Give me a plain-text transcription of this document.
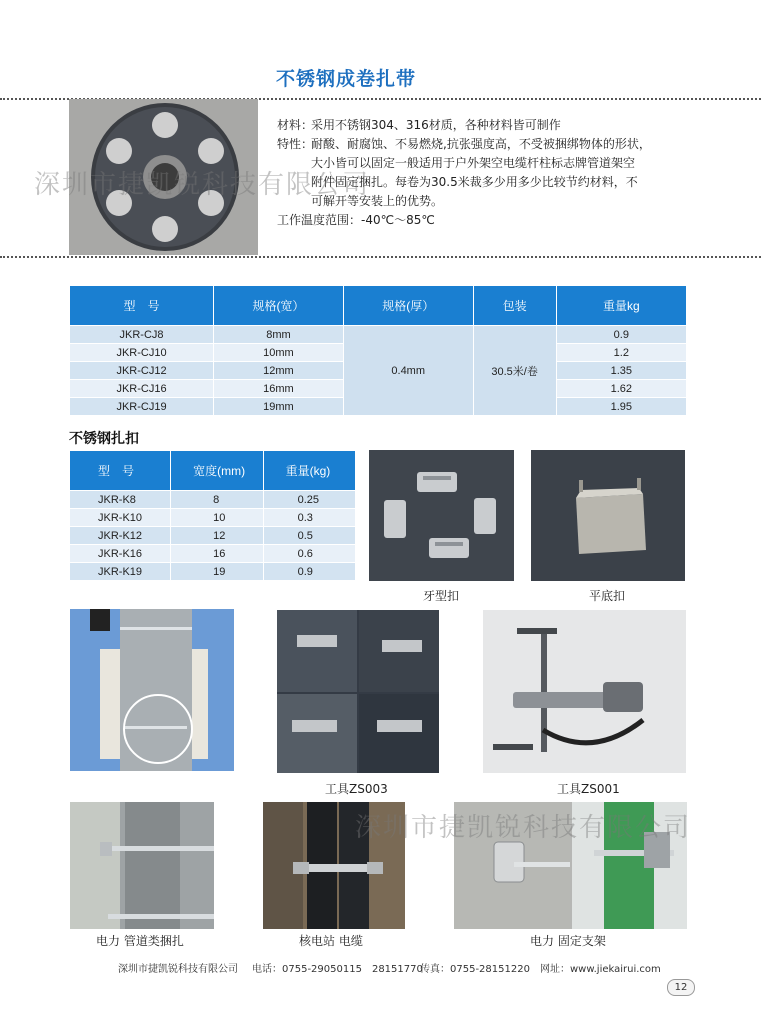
不锈钢成卷扎带
材料：
采用不锈钢304、316材质，各种材料皆可制作
特性：
耐酸、耐腐蚀、不易燃烧,抗张强度高，不受被捆绑物体的形状，
大小皆可以固定一般适用于户外架空电缆杆柱标志牌管道架空
附件固定捆扎。每卷为30.5米裁多少用多少比较节约材料，不
可解开等安装上的优势。
工作温度范围：-40℃～85℃
深圳市捷凯锐科技有限公司
型　号	规格(宽）	规格(厚）	包装	重量kg
JKR-CJ8	8mm	0.4mm	30.5米/卷	0.9
JKR-CJ10	10mm			1.2
JKR-CJ12	12mm			1.35
JKR-CJ16	16mm			1.62
JKR-CJ19	19mm			1.95
不锈钢扎扣
型　号	宽度(mm)	重量(kg)
JKR-K8	8	0.25
JKR-K10	10	0.3
JKR-K12	12	0.5
JKR-K16	16	0.6
JKR-K19	19	0.9
牙型扣	平底扣
工具ZS003	工具ZS001
电力 管道类捆扎	核电站 电缆	电力 固定支架
深圳市捷凯锐科技有限公司
深圳市捷凯锐科技有限公司 电话：0755-29050115　28151770
传真：0755-28151220 网址：www.jiekairui.com
12
